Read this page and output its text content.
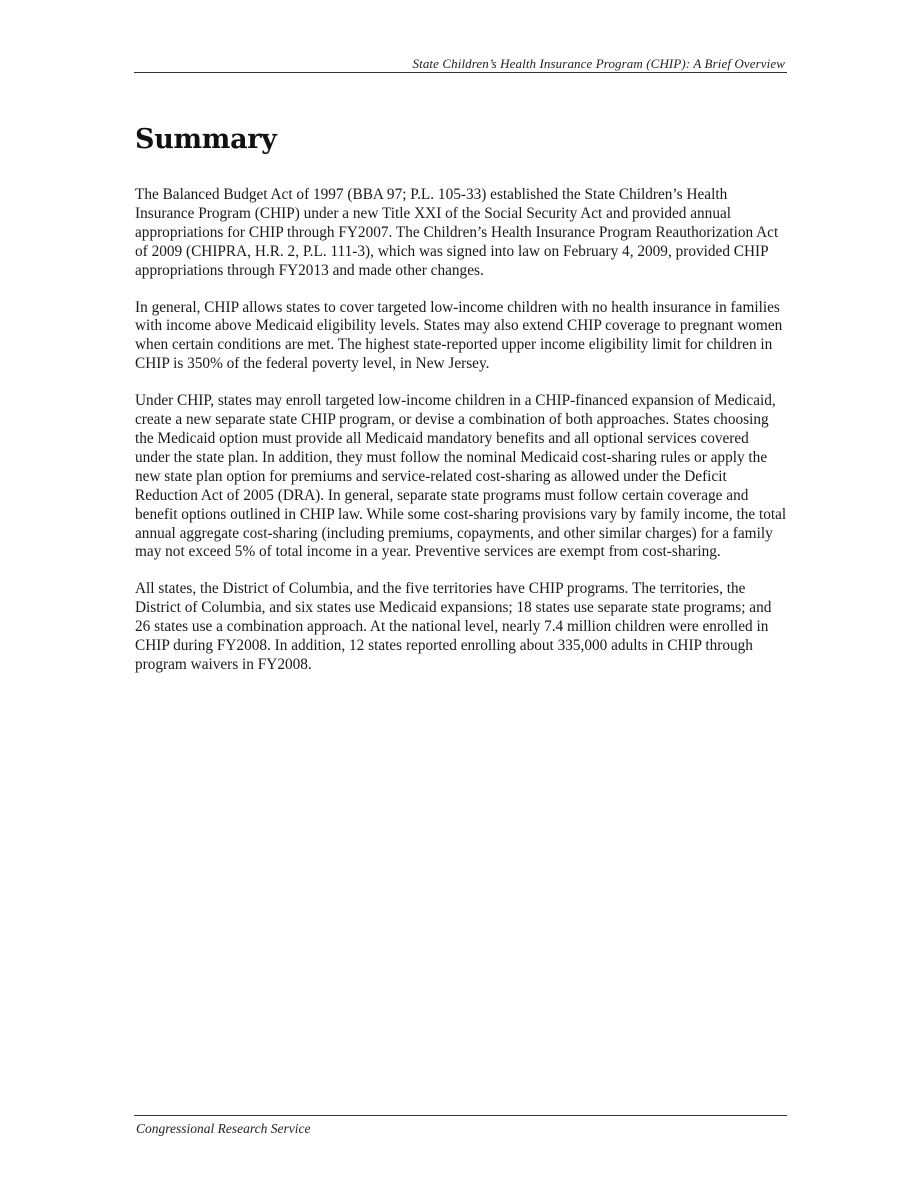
State Children’s Health Insurance Program (CHIP): A Brief Overview
Summary

The Balanced Budget Act of 1997 (BBA 97; P.L. 105-33) established the State Children’s Health Insurance Program (CHIP) under a new Title XXI of the Social Security Act and provided annual appropriations for CHIP through FY2007. The Children’s Health Insurance Program Reauthorization Act of 2009 (CHIPRA, H.R. 2, P.L. 111-3), which was signed into law on February 4, 2009, provided CHIP appropriations through FY2013 and made other changes.

In general, CHIP allows states to cover targeted low-income children with no health insurance in families with income above Medicaid eligibility levels. States may also extend CHIP coverage to pregnant women when certain conditions are met. The highest state-reported upper income eligibility limit for children in CHIP is 350% of the federal poverty level, in New Jersey.

Under CHIP, states may enroll targeted low-income children in a CHIP-financed expansion of Medicaid, create a new separate state CHIP program, or devise a combination of both approaches. States choosing the Medicaid option must provide all Medicaid mandatory benefits and all optional services covered under the state plan. In addition, they must follow the nominal Medicaid cost-sharing rules or apply the new state plan option for premiums and service-related cost-sharing as allowed under the Deficit Reduction Act of 2005 (DRA). In general, separate state programs must follow certain coverage and benefit options outlined in CHIP law. While some cost-sharing provisions vary by family income, the total annual aggregate cost-sharing (including premiums, copayments, and other similar charges) for a family may not exceed 5% of total income in a year. Preventive services are exempt from cost-sharing.

All states, the District of Columbia, and the five territories have CHIP programs. The territories, the District of Columbia, and six states use Medicaid expansions; 18 states use separate state programs; and 26 states use a combination approach. At the national level, nearly 7.4 million children were enrolled in CHIP during FY2008. In addition, 12 states reported enrolling about 335,000 adults in CHIP through program waivers in FY2008.

Congressional Research Service
